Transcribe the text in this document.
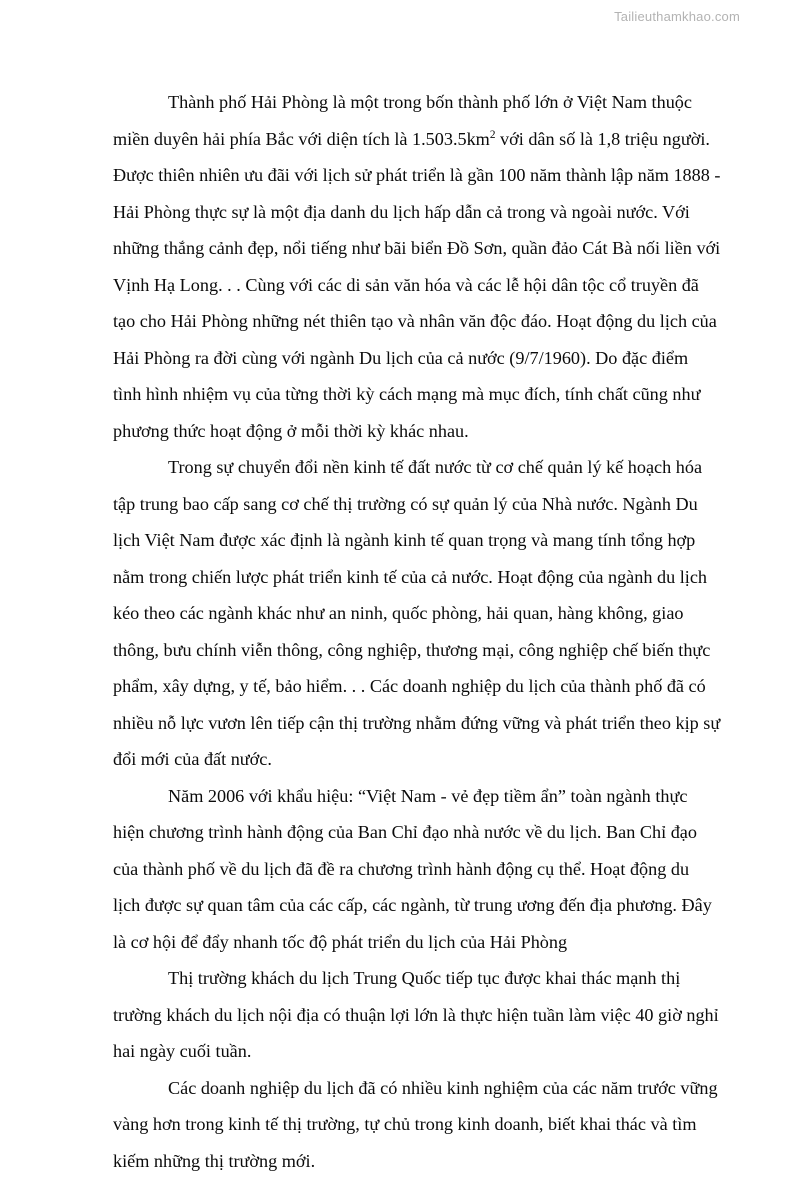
Tailieuthamkhao.com

Thành phố Hải Phòng là một trong bốn thành phố lớn ở Việt Nam thuộc
miền duyên hải phía Bắc với diện tích là $1.503.5km^2$ với dân số là 1,8 triệu người.
Được thiên nhiên ưu đãi với lịch sử phát triển là gần 100 năm thành lập năm 1888 -
Hải Phòng thực sự là một địa danh du lịch hấp dẫn cả trong và ngoài nước. Với
những thắng cảnh đẹp, nổi tiếng như bãi biển Đồ Sơn, quần đảo Cát Bà nối liền với
Vịnh Hạ Long. . . Cùng với các di sản văn hóa và các lễ hội dân tộc cổ truyền đã
tạo cho Hải Phòng những nét thiên tạo và nhân văn độc đáo. Hoạt động du lịch của
Hải Phòng ra đời cùng với ngành Du lịch của cả nước (9/7/1960). Do đặc điểm
tình hình nhiệm vụ của từng thời kỳ cách mạng mà mục đích, tính chất cũng như
phương thức hoạt động ở mỗi thời kỳ khác nhau.

Trong sự chuyển đổi nền kinh tế đất nước từ cơ chế quản lý kế hoạch hóa
tập trung bao cấp sang cơ chế thị trường có sự quản lý của Nhà nước. Ngành Du
lịch Việt Nam được xác định là ngành kinh tế quan trọng và mang tính tổng hợp
nằm trong chiến lược phát triển kinh tế của cả nước. Hoạt động của ngành du lịch
kéo theo các ngành khác như an ninh, quốc phòng, hải quan, hàng không, giao
thông, bưu chính viễn thông, công nghiệp, thương mại, công nghiệp chế biến thực
phẩm, xây dựng, y tế, bảo hiểm. . . Các doanh nghiệp du lịch của thành phố đã có
nhiều nỗ lực vươn lên tiếp cận thị trường nhằm đứng vững và phát triển theo kịp sự
đổi mới của đất nước.

Năm 2006 với khẩu hiệu: “Việt Nam - vẻ đẹp tiềm ẩn” toàn ngành thực
hiện chương trình hành động của Ban Chỉ đạo nhà nước về du lịch. Ban Chỉ đạo
của thành phố về du lịch đã đề ra chương trình hành động cụ thể. Hoạt động du
lịch được sự quan tâm của các cấp, các ngành, từ trung ương đến địa phương. Đây
là cơ hội để đẩy nhanh tốc độ phát triển du lịch của Hải Phòng

Thị trường khách du lịch Trung Quốc tiếp tục được khai thác mạnh thị
trường khách du lịch nội địa có thuận lợi lớn là thực hiện tuần làm việc 40 giờ nghỉ
hai ngày cuối tuần.

Các doanh nghiệp du lịch đã có nhiều kinh nghiệm của các năm trước vững
vàng hơn trong kinh tế thị trường, tự chủ trong kinh doanh, biết khai thác và tìm
kiếm những thị trường mới.
